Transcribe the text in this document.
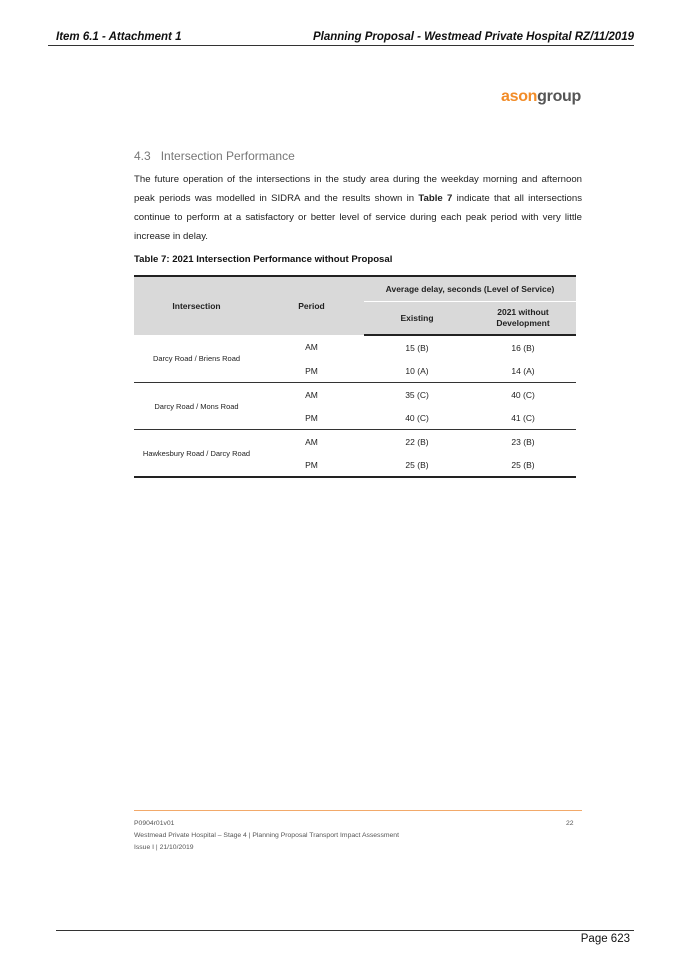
Item 6.1 - Attachment 1	Planning Proposal - Westmead Private Hospital RZ/11/2019
asongroup
4.3 Intersection Performance
The future operation of the intersections in the study area during the weekday morning and afternoon peak periods was modelled in SIDRA and the results shown in Table 7 indicate that all intersections continue to perform at a satisfactory or better level of service during each peak period with very little increase in delay.
Table 7: 2021 Intersection Performance without Proposal
Intersection	Period	Average delay, seconds (Level of Service)	
		Existing	2021 without
Development
Darcy Road / Briens Road	AM	15 (B)	16 (B)
	PM	10 (A)	14 (A)
Darcy Road / Mons Road	AM	35 (C)	40 (C)
	PM	40 (C)	41 (C)
Hawkesbury Road / Darcy Road	AM	22 (B)	23 (B)
	PM	25 (B)	25 (B)
P0904r01v01	22
Westmead Private Hospital – Stage 4 | Planning Proposal Transport Impact Assessment
Issue I | 21/10/2019
Page 623
